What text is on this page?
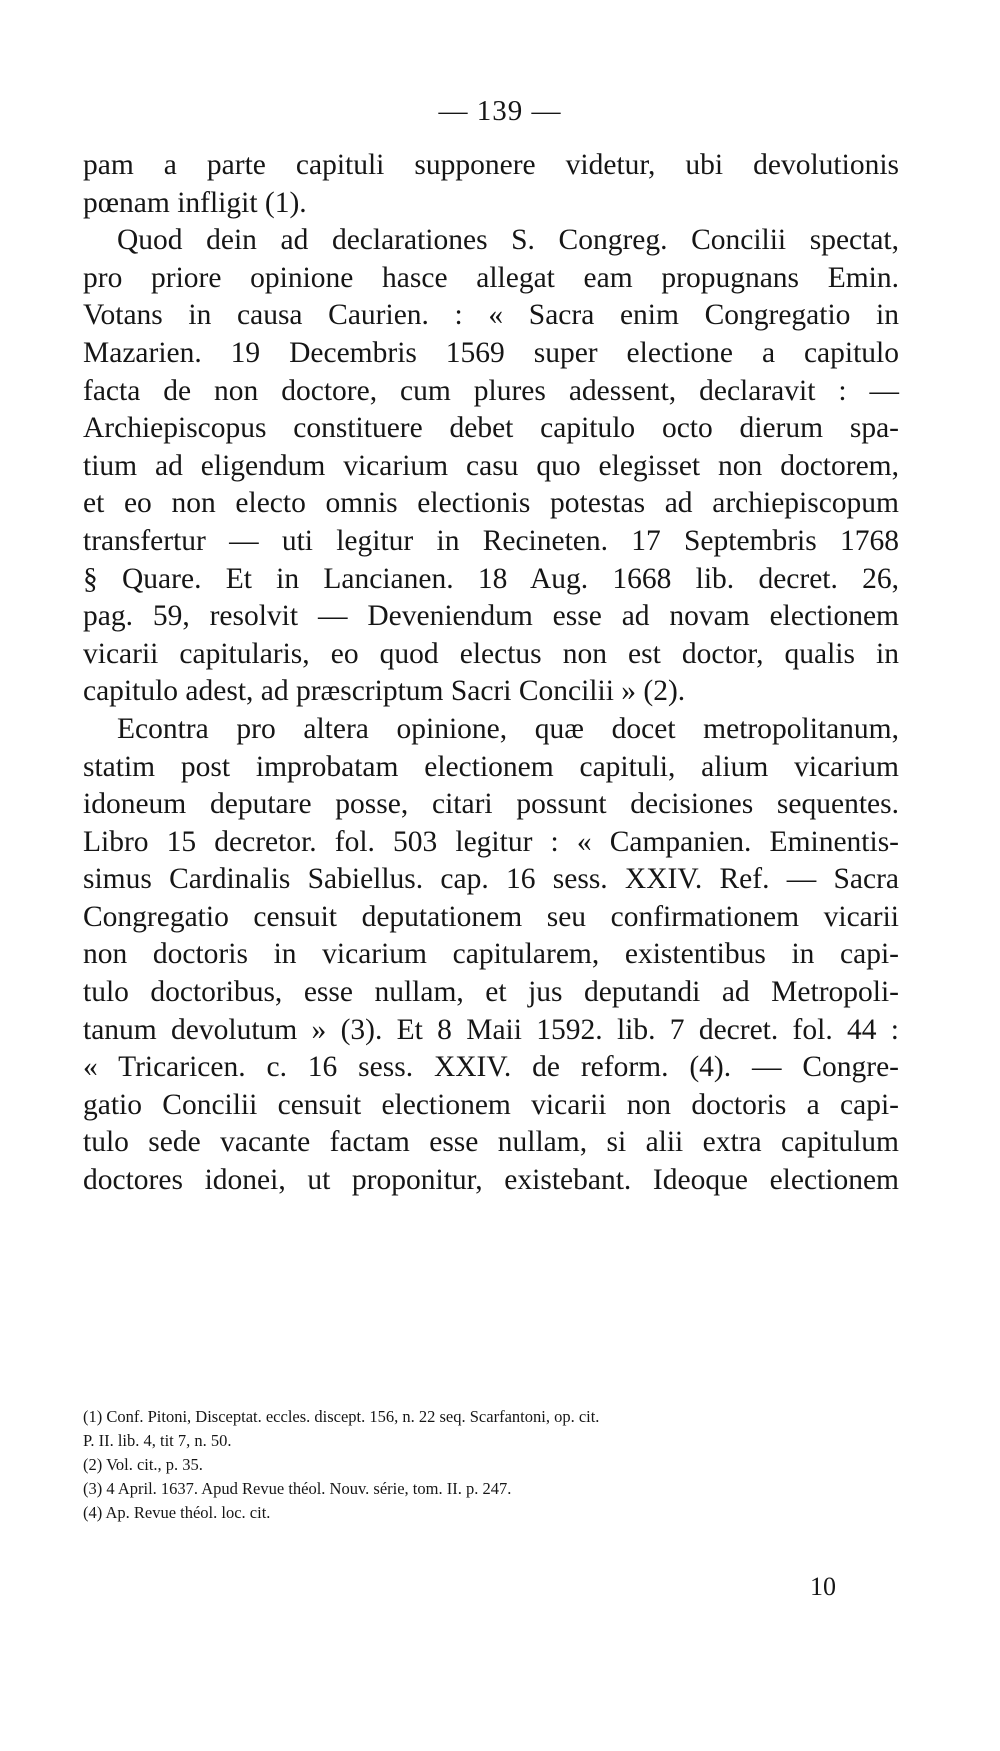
— 139 —
pam a parte capituli supponere videtur, ubi devolutionis
pœnam infligit (1).
Quod dein ad declarationes S. Congreg. Concilii spectat,
pro priore opinione hasce allegat eam propugnans Emin.
Votans in causa Caurien. : « Sacra enim Congregatio in
Mazarien. 19 Decembris 1569 super electione a capitulo
facta de non doctore, cum plures adessent, declaravit : —
Archiepiscopus constituere debet capitulo octo dierum spa-
tium ad eligendum vicarium casu quo elegisset non doctorem,
et eo non electo omnis electionis potestas ad archiepiscopum
transfertur — uti legitur in Recineten. 17 Septembris 1768
§ Quare. Et in Lancianen. 18 Aug. 1668 lib. decret. 26,
pag. 59, resolvit — Deveniendum esse ad novam electionem
vicarii capitularis, eo quod electus non est doctor, qualis in
capitulo adest, ad præscriptum Sacri Concilii » (2).
Econtra pro altera opinione, quæ docet metropolitanum,
statim post improbatam electionem capituli, alium vicarium
idoneum deputare posse, citari possunt decisiones sequentes.
Libro 15 decretor. fol. 503 legitur : « Campanien. Eminentis-
simus Cardinalis Sabiellus. cap. 16 sess. XXIV. Ref. — Sacra
Congregatio censuit deputationem seu confirmationem vicarii
non doctoris in vicarium capitularem, existentibus in capi-
tulo doctoribus, esse nullam, et jus deputandi ad Metropoli-
tanum devolutum » (3). Et 8 Maii 1592. lib. 7 decret. fol. 44 :
« Tricaricen. c. 16 sess. XXIV. de reform. (4). — Congre-
gatio Concilii censuit electionem vicarii non doctoris a capi-
tulo sede vacante factam esse nullam, si alii extra capitulum
doctores idonei, ut proponitur, existebant. Ideoque electionem
(1) Conf. Pitoni, Disceptat. eccles. discept. 156, n. 22 seq. Scarfantoni, op. cit.
P. II. lib. 4, tit 7, n. 50.
(2) Vol. cit., p. 35.
(3) 4 April. 1637. Apud Revue théol. Nouv. série, tom. II. p. 247.
(4) Ap. Revue théol. loc. cit.
10
